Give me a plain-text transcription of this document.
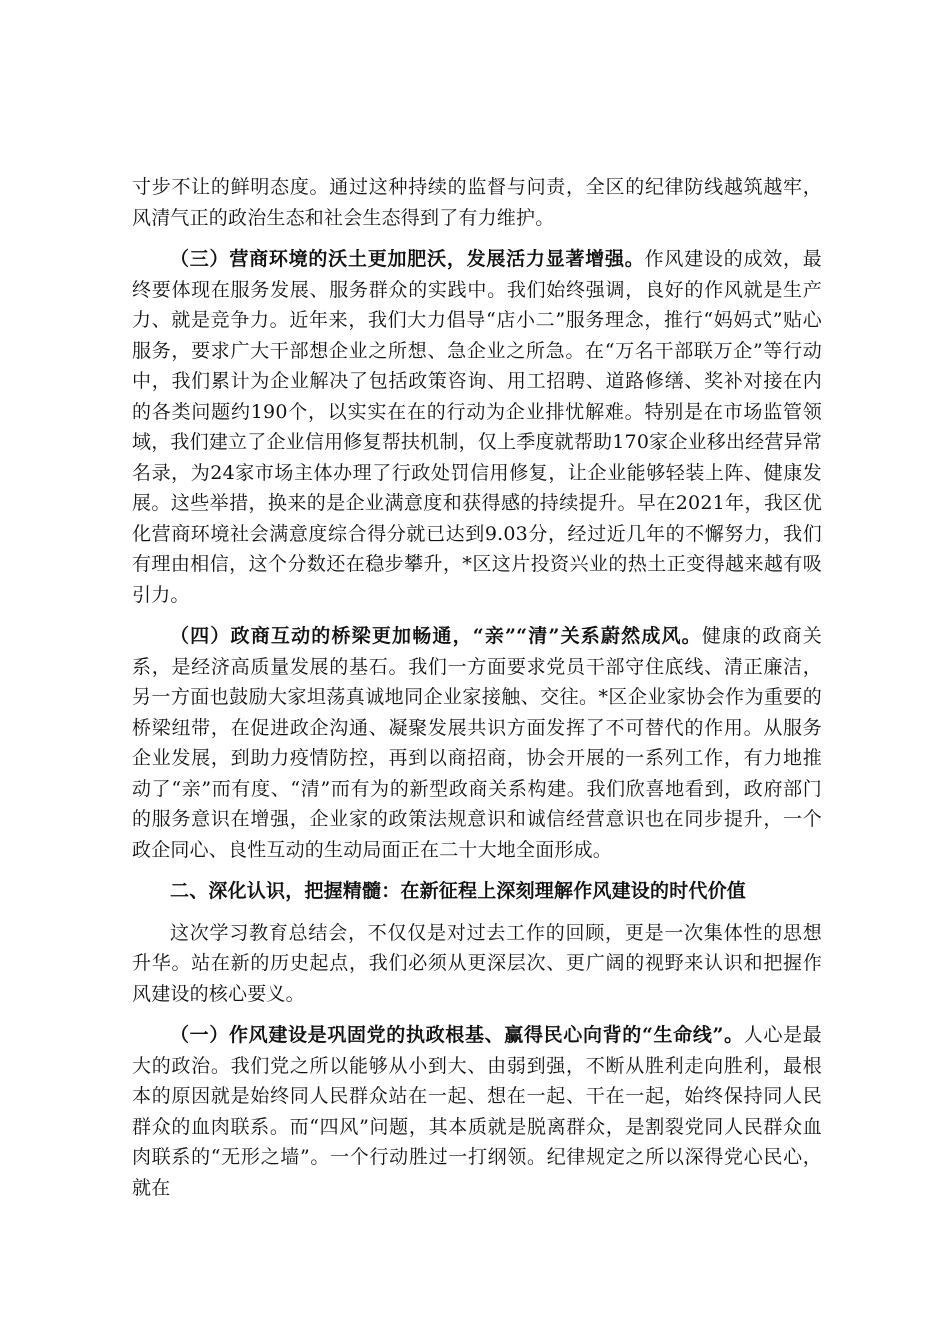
寸步不让的鲜明态度。通过这种持续的监督与问责，全区的纪律防线越筑越牢，风清气正的政治生态和社会生态得到了有力维护。

（三）营商环境的沃土更加肥沃，发展活力显著增强。作风建设的成效，最终要体现在服务发展、服务群众的实践中。我们始终强调，良好的作风就是生产力、就是竞争力。近年来，我们大力倡导“店小二”服务理念，推行“妈妈式”贴心服务，要求广大干部想企业之所想、急企业之所急。在“万名干部联万企”等行动中，我们累计为企业解决了包括政策咨询、用工招聘、道路修缮、奖补对接在内的各类问题约190个，以实实在在的行动为企业排忧解难。特别是在市场监管领域，我们建立了企业信用修复帮扶机制，仅上季度就帮助170家企业移出经营异常名录，为24家市场主体办理了行政处罚信用修复，让企业能够轻装上阵、健康发展。这些举措，换来的是企业满意度和获得感的持续提升。早在2021年，我区优化营商环境社会满意度综合得分就已达到9.03分，经过近几年的不懈努力，我们有理由相信，这个分数还在稳步攀升，*区这片投资兴业的热土正变得越来越有吸引力。

（四）政商互动的桥梁更加畅通，“亲”“清”关系蔚然成风。健康的政商关系，是经济高质量发展的基石。我们一方面要求党员干部守住底线、清正廉洁，另一方面也鼓励大家坦荡真诚地同企业家接触、交往。*区企业家协会作为重要的桥梁纽带，在促进政企沟通、凝聚发展共识方面发挥了不可替代的作用。从服务企业发展，到助力疫情防控，再到以商招商，协会开展的一系列工作，有力地推动了“亲”而有度、“清”而有为的新型政商关系构建。我们欣喜地看到，政府部门的服务意识在增强，企业家的政策法规意识和诚信经营意识也在同步提升，一个政企同心、良性互动的生动局面正在二十大地全面形成。

二、深化认识，把握精髓：在新征程上深刻理解作风建设的时代价值

这次学习教育总结会，不仅仅是对过去工作的回顾，更是一次集体性的思想升华。站在新的历史起点，我们必须从更深层次、更广阔的视野来认识和把握作风建设的核心要义。

（一）作风建设是巩固党的执政根基、赢得民心向背的“生命线”。人心是最大的政治。我们党之所以能够从小到大、由弱到强，不断从胜利走向胜利，最根本的原因就是始终同人民群众站在一起、想在一起、干在一起，始终保持同人民群众的血肉联系。而“四风”问题，其本质就是脱离群众，是割裂党同人民群众血肉联系的“无形之墙”。一个行动胜过一打纲领。纪律规定之所以深得党心民心，就在
